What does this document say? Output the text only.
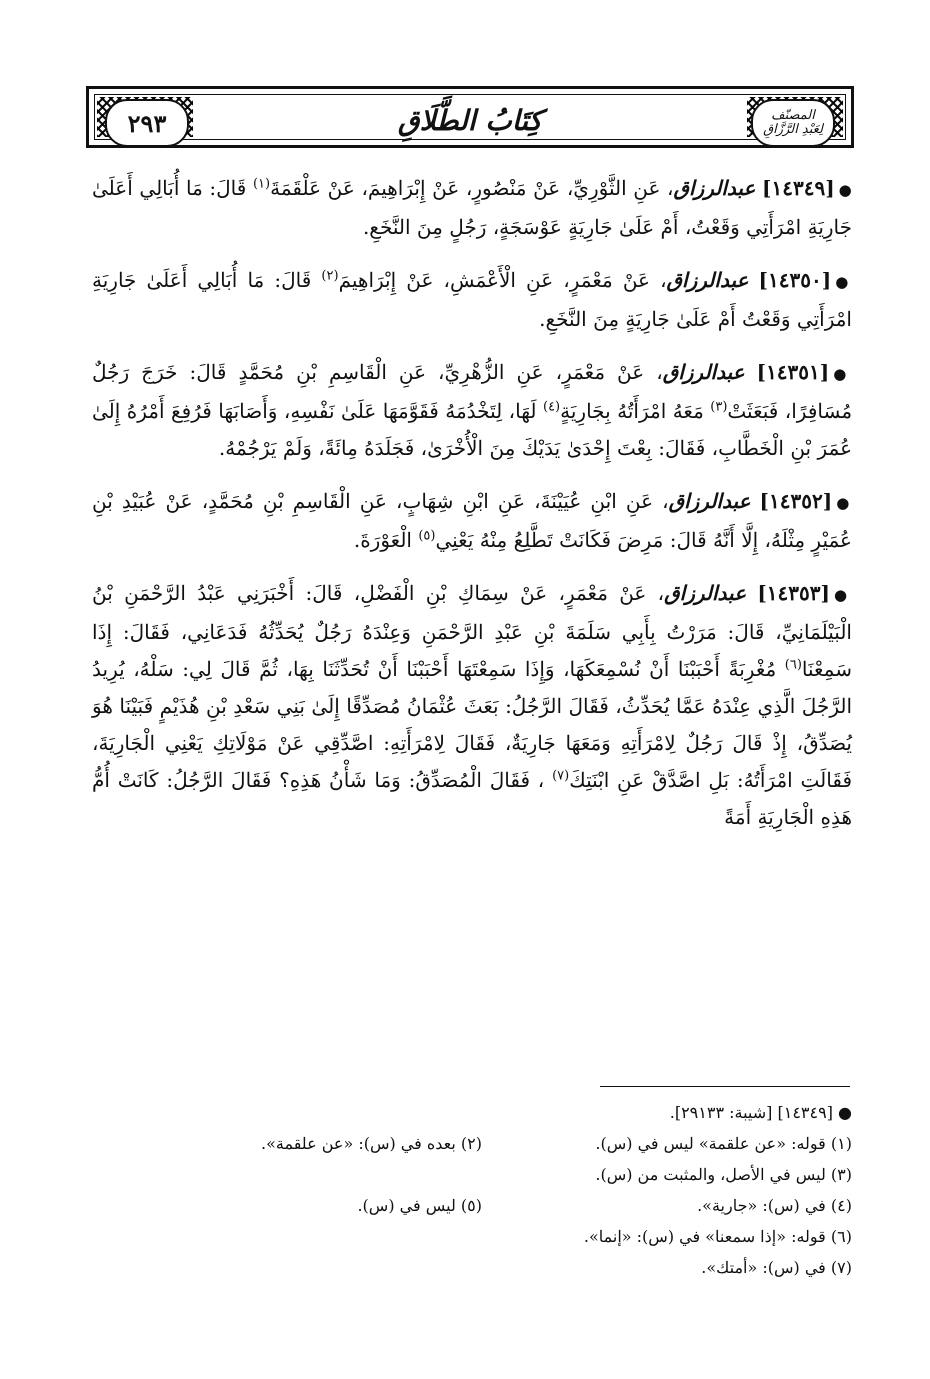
٢٩٣	كِتَابُ الطَّلَاقِ	المصنّف
لِعَبْدِ الرَّزَّاقِ

●[١٤٣٤٩] عبدالرزاق، عَنِ الثَّوْرِيِّ، عَنْ مَنْصُورٍ، عَنْ إِبْرَاهِيمَ، عَنْ عَلْقَمَةَ$^{(١)}$ قَالَ: مَا أُبَالِي أَعَلَىٰ جَارِيَةِ امْرَأَتِي وَقَعْتُ، أَمْ عَلَىٰ جَارِيَةٍ عَوْسَجَةٍ، رَجُلٍ مِنَ النَّخَعِ.

●[١٤٣٥٠] عبدالرزاق، عَنْ مَعْمَرٍ، عَنِ الْأَعْمَشِ، عَنْ إِبْرَاهِيمَ$^{(٢)}$ قَالَ: مَا أُبَالِي أَعَلَىٰ جَارِيَةِ امْرَأَتِي وَقَعْتُ أَمْ عَلَىٰ جَارِيَةٍ مِنَ النَّخَعِ.

●[١٤٣٥١] عبدالرزاق، عَنْ مَعْمَرٍ، عَنِ الزُّهْرِيِّ، عَنِ الْقَاسِمِ بْنِ مُحَمَّدٍ قَالَ: خَرَجَ رَجُلٌ مُسَافِرًا، فَبَعَثَتْ$^{(٣)}$ مَعَهُ امْرَأَتُهُ بِجَارِيَةٍ$^{(٤)}$ لَهَا، لِتَخْدُمَهُ فَقَوَّمَهَا عَلَىٰ نَفْسِهِ، وَأَصَابَهَا فَرُفِعَ أَمْرُهُ إِلَىٰ عُمَرَ بْنِ الْخَطَّابِ، فَقَالَ: بِعْتَ إِحْدَىٰ يَدَيْكَ مِنَ الْأُخْرَىٰ، فَجَلَدَهُ مِائَةً، وَلَمْ يَرْجُمْهُ.

●[١٤٣٥٢] عبدالرزاق، عَنِ ابْنِ عُيَيْنَةَ، عَنِ ابْنِ شِهَابٍ، عَنِ الْقَاسِمِ بْنِ مُحَمَّدٍ، عَنْ عُبَيْدِ بْنِ عُمَيْرٍ مِثْلَهُ، إِلَّا أَنَّهُ قَالَ: مَرِضَ فَكَانَتْ تَطَّلِعُ مِنْهُ يَعْنِي$^{(٥)}$ الْعَوْرَةَ.

●[١٤٣٥٣] عبدالرزاق، عَنْ مَعْمَرٍ، عَنْ سِمَاكِ بْنِ الْفَضْلِ، قَالَ: أَخْبَرَنِي عَبْدُ الرَّحْمَنِ بْنُ الْبَيْلَمَانِيِّ، قَالَ: مَرَرْتُ بِأَبِي سَلَمَةَ بْنِ عَبْدِ الرَّحْمَنِ وَعِنْدَهُ رَجُلٌ يُحَدِّثُهُ فَدَعَانِي، فَقَالَ: إِذَا سَمِعْنَا$^{(٦)}$ مُغْرِبَةً أَحْبَبْنَا أَنْ نُسْمِعَكَهَا، وَإِذَا سَمِعْتَهَا أَحْبَبْنَا أَنْ تُحَدِّثَنَا بِهَا، ثُمَّ قَالَ لِي: سَلْهُ، يُرِيدُ الرَّجُلَ الَّذِي عِنْدَهُ عَمَّا يُحَدِّثُ، فَقَالَ الرَّجُلُ: بَعَثَ عُثْمَانُ مُصَدِّقًا إِلَىٰ بَنِي سَعْدِ بْنِ هُذَيْمٍ فَبَيْنَا هُوَ يُصَدِّقُ، إِذْ قَالَ رَجُلٌ لِامْرَأَتِهِ وَمَعَهَا جَارِيَةٌ، فَقَالَ لِامْرَأَتِهِ: اصَّدِّقِي عَنْ مَوْلَاتِكِ يَعْنِي الْجَارِيَةَ، فَقَالَتِ امْرَأَتُهُ: بَلِ اصَّدَّقْ عَنِ ابْنَتِكَ$^{(٧)}$ ، فَقَالَ الْمُصَدِّقُ: وَمَا شَأْنُ هَذِهِ؟ فَقَالَ الرَّجُلُ: كَانَتْ أُمُّ هَذِهِ الْجَارِيَةِ أَمَةً

● [١٤٣٤٩] [شيبة: ٢٩١٣٣].
(١) قوله: «عن علقمة» ليس في (س).
(٢) بعده في (س): «عن علقمة».
(٣) ليس في الأصل، والمثبت من (س).
(٤) في (س): «جارية».
(٥) ليس في (س).
(٦) قوله: «إذا سمعنا» في (س): «إنما».
(٧) في (س): «أمتك».
